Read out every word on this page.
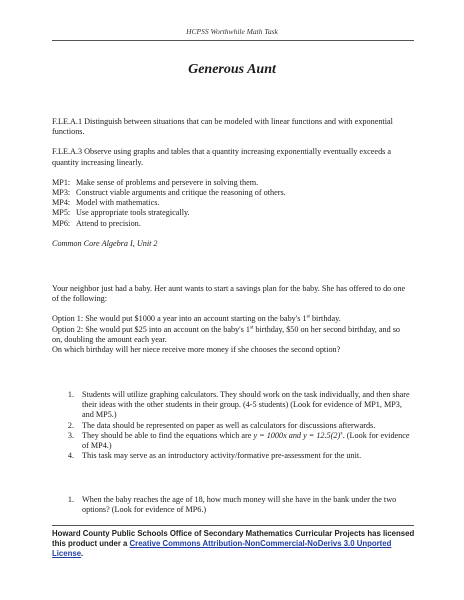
HCPSS Worthwhile Math Task
Generous Aunt

F.LE.A.1 Distinguish between situations that can be modeled with linear functions and with exponential functions.

F.LE.A.3 Observe using graphs and tables that a quantity increasing exponentially eventually exceeds a quantity increasing linearly.

MP1: Make sense of problems and persevere in solving them.
MP3: Construct viable arguments and critique the reasoning of others.
MP4: Model with mathematics.
MP5: Use appropriate tools strategically.
MP6: Attend to precision.

Common Core Algebra I, Unit 2

Your neighbor just had a baby. Her aunt wants to start a savings plan for the baby. She has offered to do one of the following:

Option 1: She would put $1000 a year into an account starting on the baby's 1st birthday.

Option 2: She would put $25 into an account on the baby's 1st birthday, $50 on her second birthday, and so on, doubling the amount each year.

On which birthday will her niece receive more money if she chooses the second option?

1. Students will utilize graphing calculators. They should work on the task individually, and then share their ideas with the other students in their group. (4-5 students) (Look for evidence of MP1, MP3, and MP5.)
2. The data should be represented on paper as well as calculators for discussions afterwards.
3. They should be able to find the equations which are y = 1000x and $y = 12.5(2)^x$. (Look for evidence of MP4.)
4. This task may serve as an introductory activity/formative pre-assessment for the unit.
1. When the baby reaches the age of 18, how much money will she have in the bank under the two options? (Look for evidence of MP6.)
Howard County Public Schools Office of Secondary Mathematics Curricular Projects has licensed this product under a Creative Commons Attribution-NonCommercial-NoDerivs 3.0 Unported License.
